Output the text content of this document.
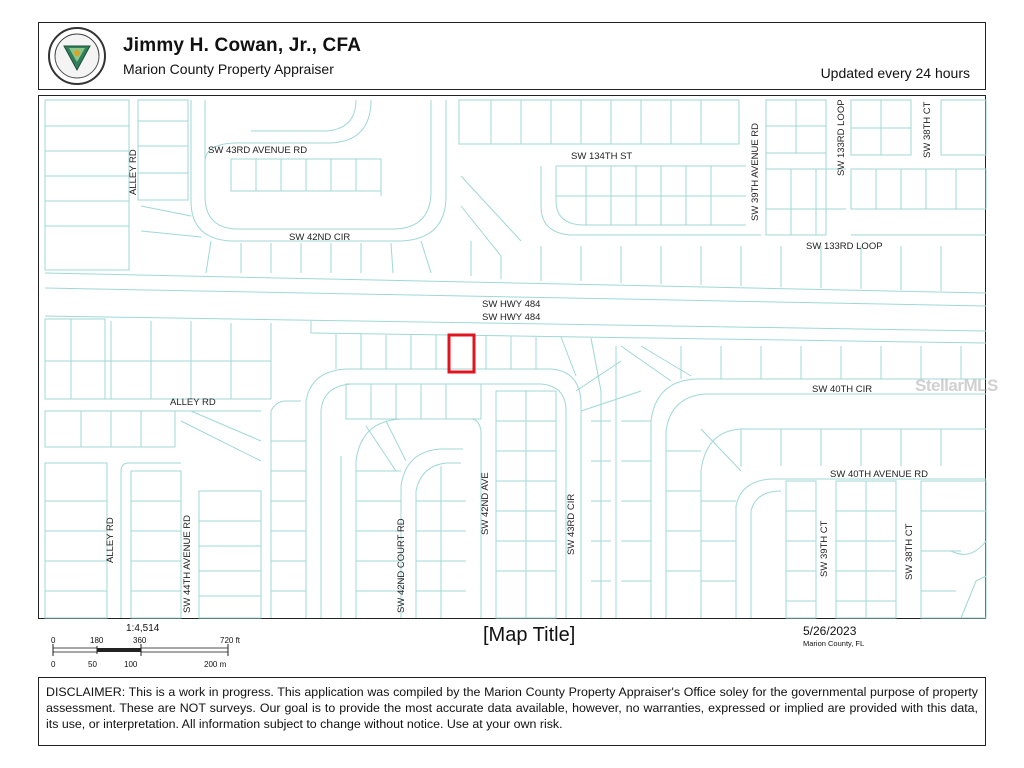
Jimmy H. Cowan, Jr., CFA
Marion County Property Appraiser	Updated every 24 hours
SW 43RD AVENUE RD
SW 134TH ST	SW 39TH AVENUE RD	SW 133RD LOOP	SW 38TH CT
ALLEY RD
SW 42ND CIR
SW 133RD LOOP
SW HWY 484
SW HWY 484
ALLEY RD
SW 40TH CIR
SW 40TH AVENUE RD
ALLEY RD	SW 44TH AVENUE RD	SW 42ND COURT RD
SW 42ND AVE	SW 43RD CIR	SW 39TH CT	SW 38TH CT
StellarMLS
1:4,514
0	180	360	720 ft
0	50	100	200 m
[Map Title]	5/26/2023
Marion County, FL
DISCLAIMER: This is a work in progress. This application was compiled by the Marion County Property Appraiser's Office soley for the governmental purpose of property assessment. These are NOT surveys. Our goal is to provide the most accurate data available, however, no warranties, expressed or implied are provided with this data, its use, or interpretation. All information subject to change without notice. Use at your own risk.
